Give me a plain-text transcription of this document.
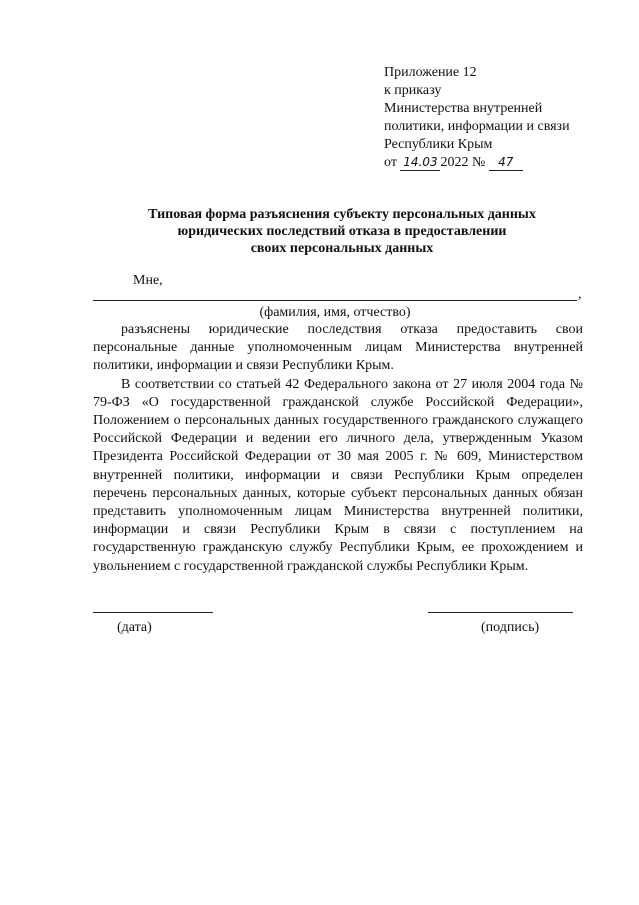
Приложение 12
к приказу
Министерства внутренней
политики, информации и связи
Республики Крым
от 14.03 2022 № 47
Типовая форма разъяснения субъекту персональных данных
юридических последствий отказа в предоставлении
своих персональных данных
Мне,
,
(фамилия, имя, отчество)

разъяснены юридические последствия отказа предоставить свои персональные данные уполномоченным лицам Министерства внутренней политики, информации и связи Республики Крым.

В соответствии со статьей 42 Федерального закона от 27 июля 2004 года № 79-ФЗ «О государственной гражданской службе Российской Федерации», Положением о персональных данных государственного гражданского служащего Российской Федерации и ведении его личного дела, утвержденным Указом Президента Российской Федерации от 30 мая 2005 г. № 609, Министерством внутренней политики, информации и связи Республики Крым определен перечень персональных данных, которые субъект персональных данных обязан представить уполномоченным лицам Министерства внутренней политики, информации и связи Республики Крым в связи с поступлением на государственную гражданскую службу Республики Крым, ее прохождением и увольнением с государственной гражданской службы Республики Крым.

(дата)	(подпись)
